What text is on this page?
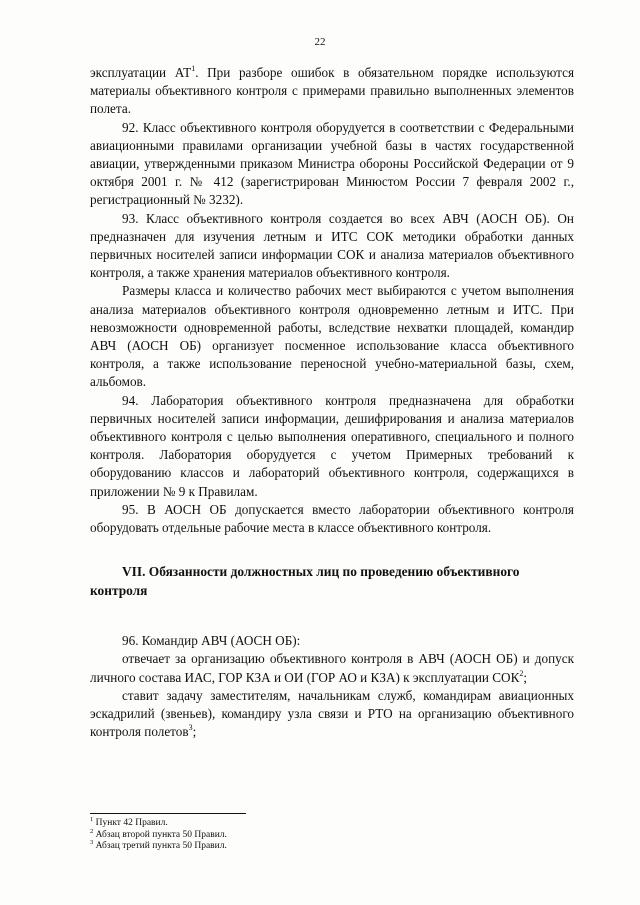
22

эксплуатации $АТ^1$. При разборе ошибок в обязательном порядке используются материалы объективного контроля с примерами правильно выполненных элементов полета.

92. Класс объективного контроля оборудуется в соответствии с Федеральными авиационными правилами организации учебной базы в частях государственной авиации, утвержденными приказом Министра обороны Российской Федерации от 9 октября 2001 г. № 412 (зарегистрирован Минюстом России 7 февраля 2002 г., регистрационный № 3232).

93. Класс объективного контроля создается во всех АВЧ (АОСН ОБ). Он предназначен для изучения летным и ИТС СОК методики обработки данных первичных носителей записи информации СОК и анализа материалов объективного контроля, а также хранения материалов объективного контроля.

Размеры класса и количество рабочих мест выбираются с учетом выполнения анализа материалов объективного контроля одновременно летным и ИТС. При невозможности одновременной работы, вследствие нехватки площадей, командир АВЧ (АОСН ОБ) организует посменное использование класса объективного контроля, а также использование переносной учебно-материальной базы, схем, альбомов.

94. Лаборатория объективного контроля предназначена для обработки первичных носителей записи информации, дешифрирования и анализа материалов объективного контроля с целью выполнения оперативного, специального и полного контроля. Лаборатория оборудуется с учетом Примерных требований к оборудованию классов и лабораторий объективного контроля, содержащихся в приложении № 9 к Правилам.

95. В АОСН ОБ допускается вместо лаборатории объективного контроля оборудовать отдельные рабочие места в классе объективного контроля.

VII. Обязанности должностных лиц по проведению объективного контроля

96. Командир АВЧ (АОСН ОБ):

отвечает за организацию объективного контроля в АВЧ (АОСН ОБ) и допуск личного состава ИАС, ГОР КЗА и ОИ (ГОР АО и КЗА) к эксплуатации СОК$^2$;

ставит задачу заместителям, начальникам служб, командирам авиационных эскадрилий (звеньев), командиру узла связи и РТО на организацию объективного контроля полетов$^3$;

$^1$ Пункт 42 Правил.
$^2$ Абзац второй пункта 50 Правил.
$^3$ Абзац третий пункта 50 Правил.
